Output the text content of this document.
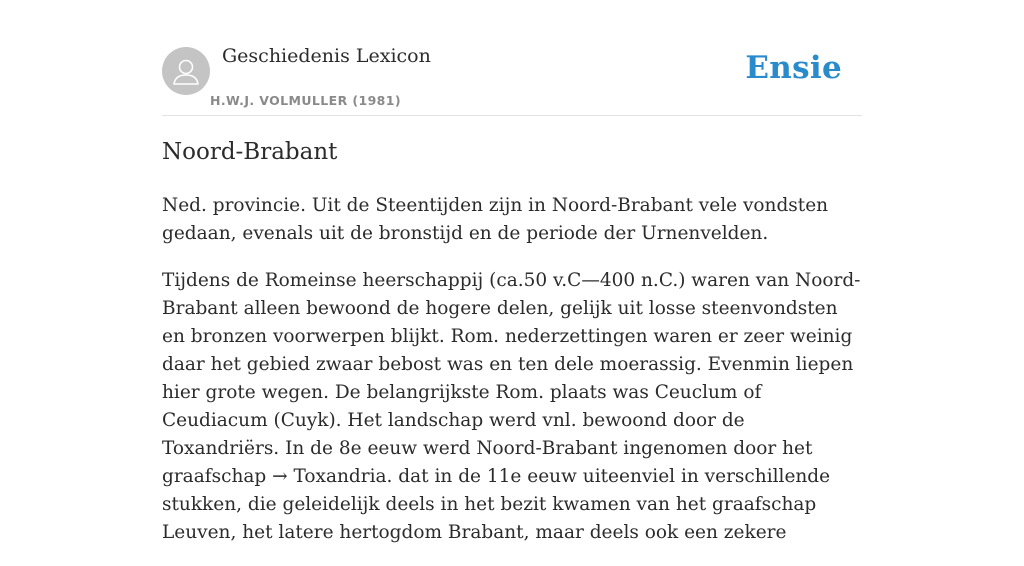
Geschiedenis Lexicon
H.W.J. VOLMULLER (1981)
Ensie
Noord-Brabant

Ned. provincie. Uit de Steentijden zijn in Noord-Brabant vele vondsten gedaan, evenals uit de bronstijd en de periode der Urnenvelden.

Tijdens de Romeinse heerschappij (ca.50 v.C—400 n.C.) waren van Noord-Brabant alleen bewoond de hogere delen, gelijk uit losse steenvondsten en bronzen voorwerpen blijkt. Rom. nederzettingen waren er zeer weinig daar het gebied zwaar bebost was en ten dele moerassig. Evenmin liepen hier grote wegen. De belangrijkste Rom. plaats was Ceuclum of Ceudiacum (Cuyk). Het landschap werd vnl. bewoond door de Toxandriërs. In de 8e eeuw werd Noord-Brabant ingenomen door het graafschap → Toxandria. dat in de 11e eeuw uiteenviel in verschillende stukken, die geleidelijk deels in het bezit kwamen van het graafschap Leuven, het latere hertogdom Brabant, maar deels ook een zekere
